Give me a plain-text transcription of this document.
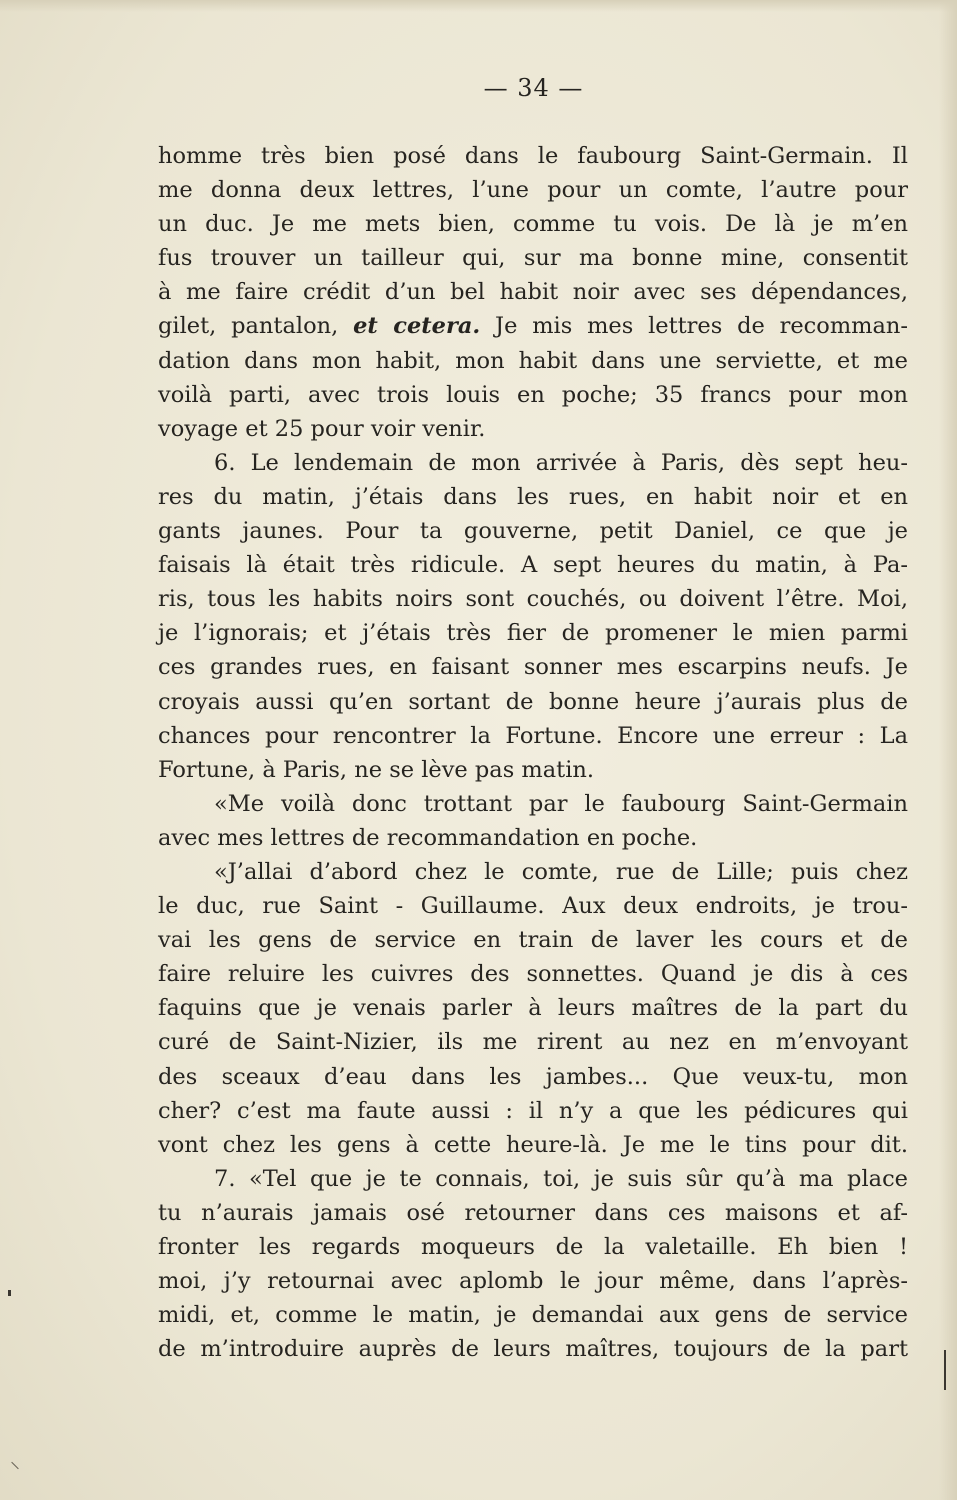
— 34 —
homme très bien posé dans le faubourg Saint-Germain. Il
me donna deux lettres, l’une pour un comte, l’autre pour
un duc. Je me mets bien, comme tu vois. De là je m’en
fus trouver un tailleur qui, sur ma bonne mine, consentit
à me faire crédit d’un bel habit noir avec ses dépendances,
gilet, pantalon, et cetera. Je mis mes lettres de recomman-
dation dans mon habit, mon habit dans une serviette, et me
voilà parti, avec trois louis en poche; 35 francs pour mon
voyage et 25 pour voir venir.
6. Le lendemain de mon arrivée à Paris, dès sept heu-
res du matin, j’étais dans les rues, en habit noir et en
gants jaunes. Pour ta gouverne, petit Daniel, ce que je
faisais là était très ridicule. A sept heures du matin, à Pa-
ris, tous les habits noirs sont couchés, ou doivent l’être. Moi,
je l’ignorais; et j’étais très fier de promener le mien parmi
ces grandes rues, en faisant sonner mes escarpins neufs. Je
croyais aussi qu’en sortant de bonne heure j’aurais plus de
chances pour rencontrer la Fortune. Encore une erreur : La
Fortune, à Paris, ne se lève pas matin.
«Me voilà donc trottant par le faubourg Saint-Germain
avec mes lettres de recommandation en poche.
«J’allai d’abord chez le comte, rue de Lille; puis chez
le duc, rue Saint - Guillaume. Aux deux endroits, je trou-
vai les gens de service en train de laver les cours et de
faire reluire les cuivres des sonnettes. Quand je dis à ces
faquins que je venais parler à leurs maîtres de la part du
curé de Saint-Nizier, ils me rirent au nez en m’envoyant
des sceaux d’eau dans les jambes... Que veux-tu, mon
cher? c’est ma faute aussi : il n’y a que les pédicures qui
vont chez les gens à cette heure-là. Je me le tins pour dit.
7. «Tel que je te connais, toi, je suis sûr qu’à ma place
tu n’aurais jamais osé retourner dans ces maisons et af-
fronter les regards moqueurs de la valetaille. Eh bien !
moi, j’y retournai avec aplomb le jour même, dans l’après-
midi, et, comme le matin, je demandai aux gens de service
de m’introduire auprès de leurs maîtres, toujours de la part
⸌
